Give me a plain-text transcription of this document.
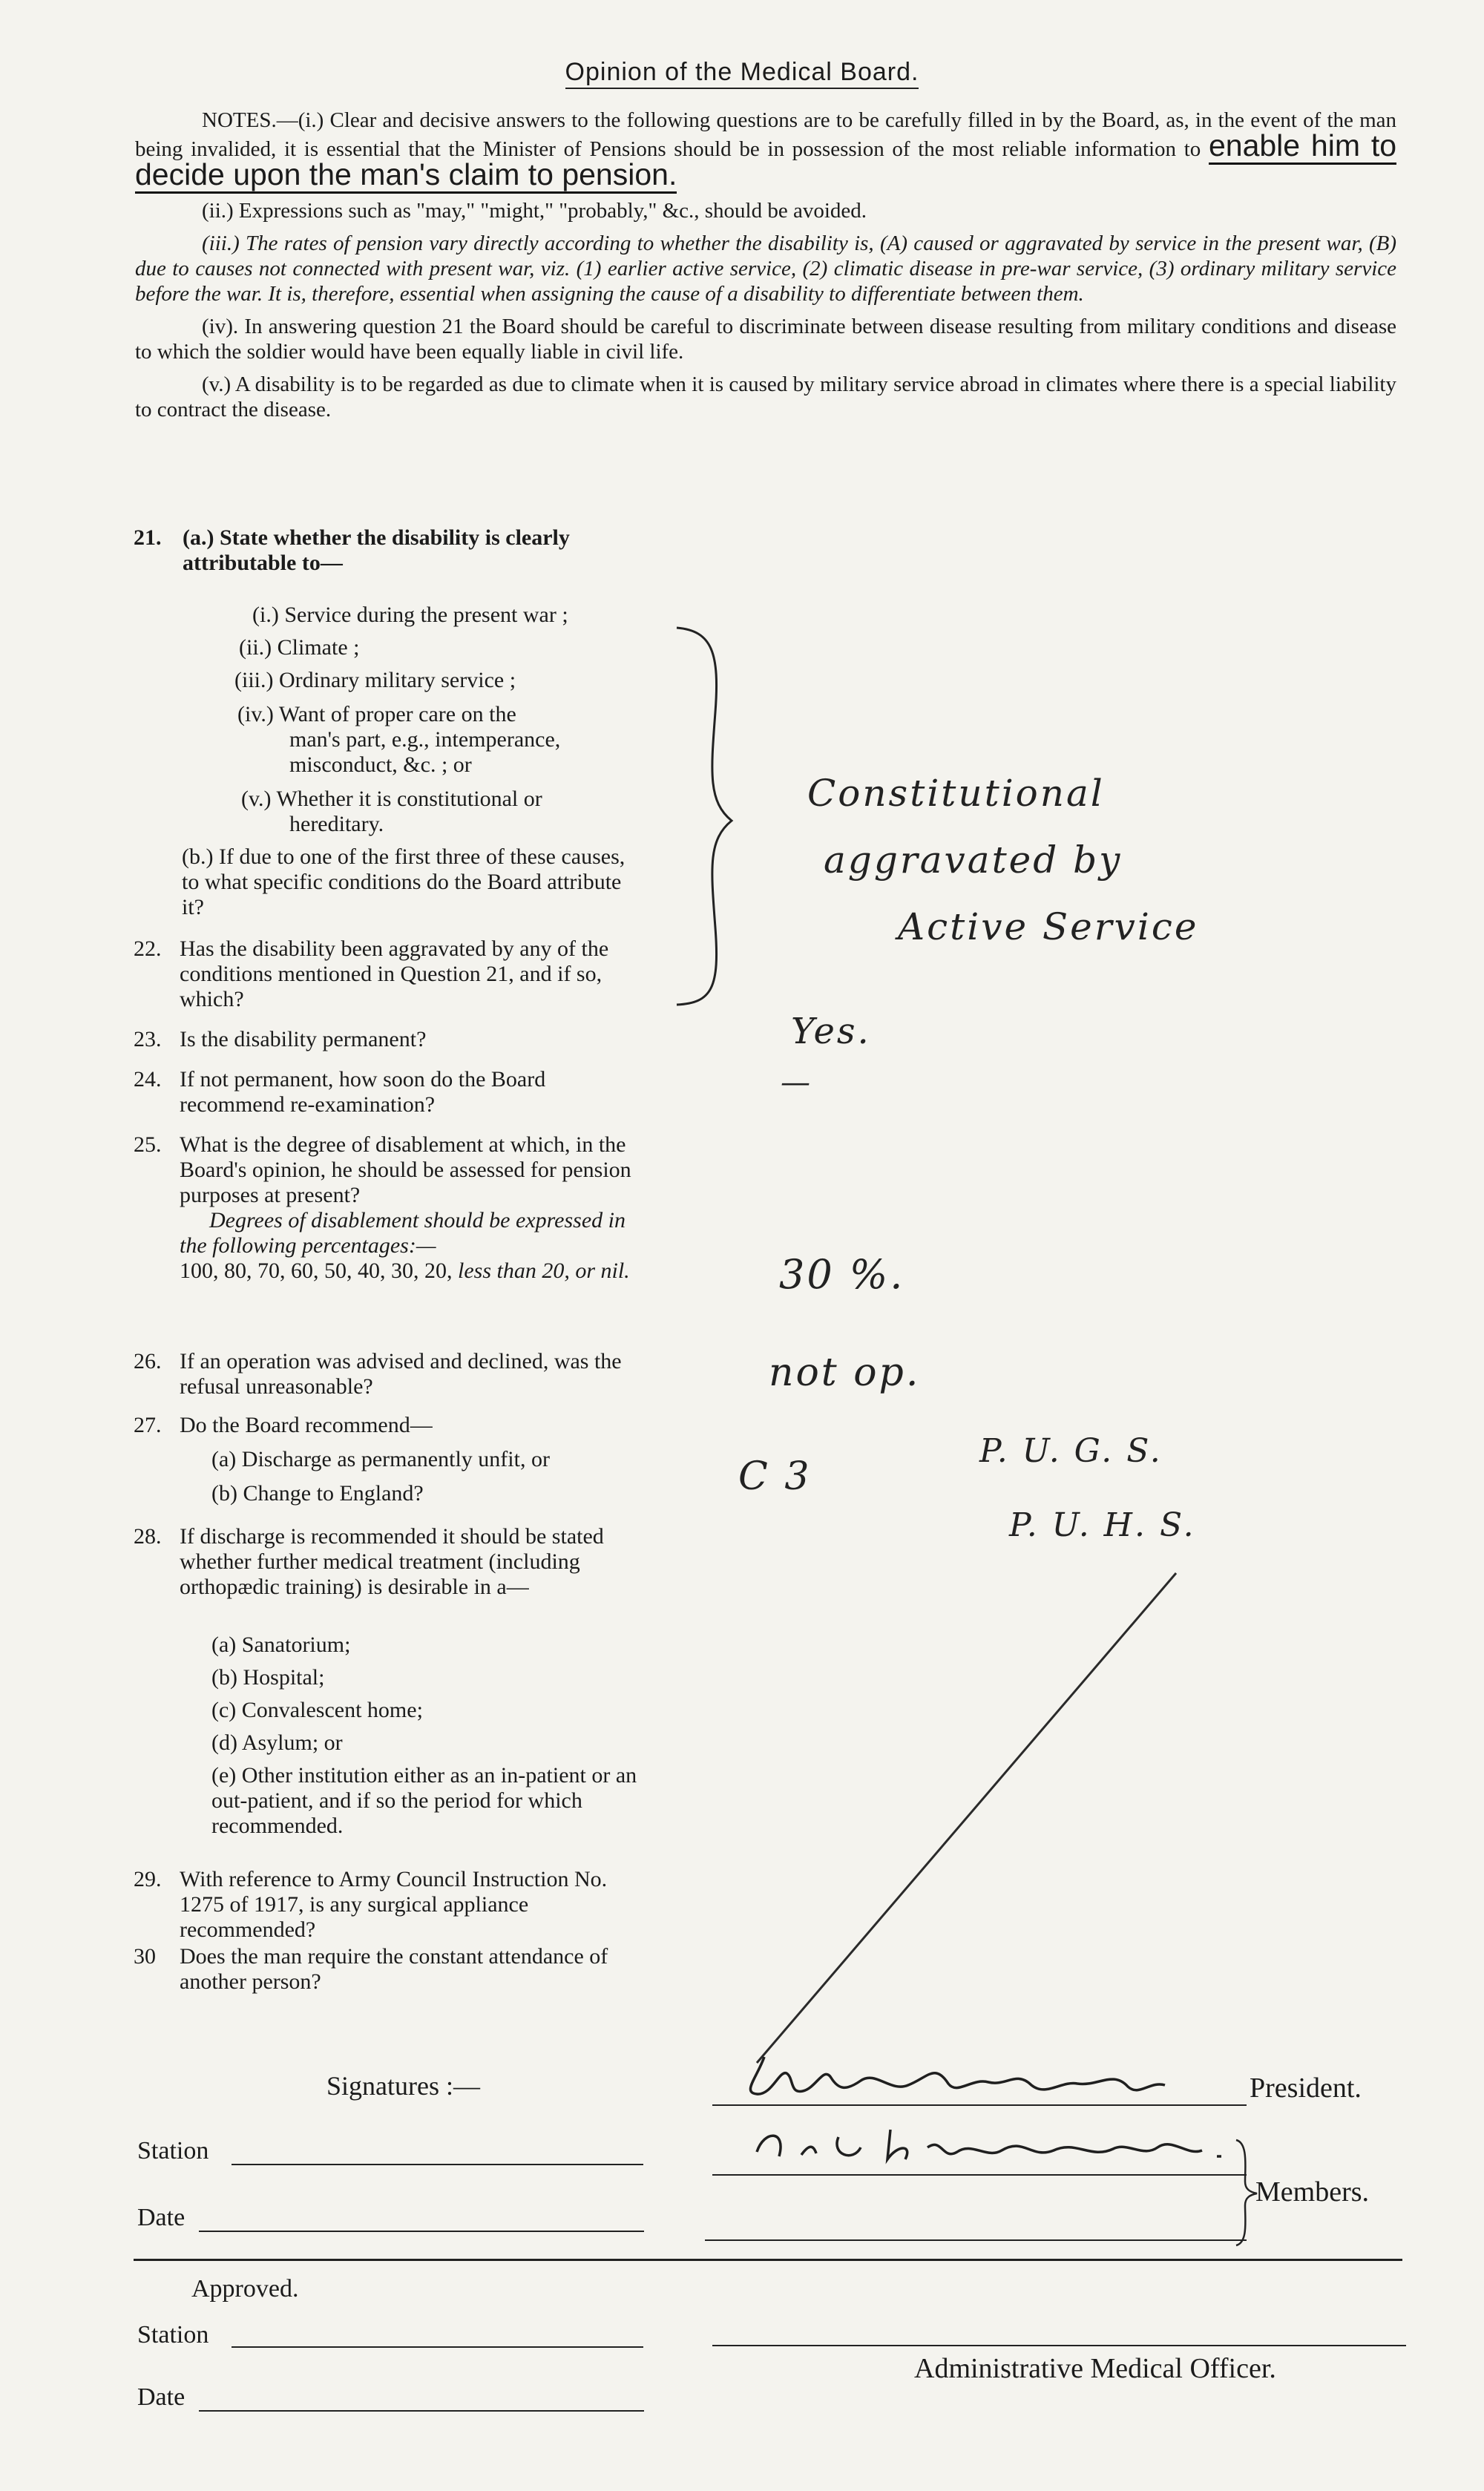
Opinion of the Medical Board.

NOTES.—(i.) Clear and decisive answers to the following questions are to be carefully filled in by the Board, as, in the event of the man being invalided, it is essential that the Minister of Pensions should be in possession of the most reliable information to enable him to decide upon the man's claim to pension.

(ii.) Expressions such as "may," "might," "probably," &c., should be avoided.

(iii.) The rates of pension vary directly according to whether the disability is, (A) caused or aggravated by service in the present war, (B) due to causes not connected with present war, viz. (1) earlier active service, (2) climatic disease in pre-war service, (3) ordinary military service before the war. It is, therefore, essential when assigning the cause of a disability to differentiate between them.

(iv). In answering question 21 the Board should be careful to discriminate between disease resulting from military conditions and disease to which the soldier would have been equally liable in civil life.

(v.) A disability is to be regarded as due to climate when it is caused by military service abroad in climates where there is a special liability to contract the disease.

21. (a.) State whether the disability is clearly attributable to—
(i.) Service during the present war ;
(ii.) Climate ;
(iii.) Ordinary military service ;
(iv.) Want of proper care on the
man's part, e.g., intemperance, misconduct, &c. ; or
(v.) Whether it is constitutional or
hereditary.
(b.) If due to one of the first three of these causes, to what specific conditions do the Board attribute it?
22. Has the disability been aggravated by any of the conditions mentioned in Question 21, and if so, which?
23. Is the disability permanent?
24. If not permanent, how soon do the Board recommend re-examination?
25. What is the degree of disablement at which, in the Board's opinion, he should be assessed for pension purposes at present?
Degrees of disablement should be expressed in the following percentages:—
100, 80, 70, 60, 50, 40, 30, 20, less than 20, or nil.
26. If an operation was advised and declined, was the refusal unreasonable?
27. Do the Board recommend—
(a) Discharge as permanently unfit, or
(b) Change to England?
28. If discharge is recommended it should be stated whether further medical treatment (including orthopædic training) is desirable in a—
(a) Sanatorium;
(b) Hospital;
(c) Convalescent home;
(d) Asylum; or
(e) Other institution either as an in-patient or an out-patient, and if so the period for which recommended.
29. With reference to Army Council Instruction No. 1275 of 1917, is any surgical appliance recommended?
30	Does the man require the constant attendance of another person?
Constitutional
aggravated by
Active Service
Yes.
—
30 %.
not op.
C 3
P. U. G. S.
P. U. H. S.
Signatures :—	President.
Members.
Station
Date
Approved.
Station
Administrative Medical Officer.
Date
